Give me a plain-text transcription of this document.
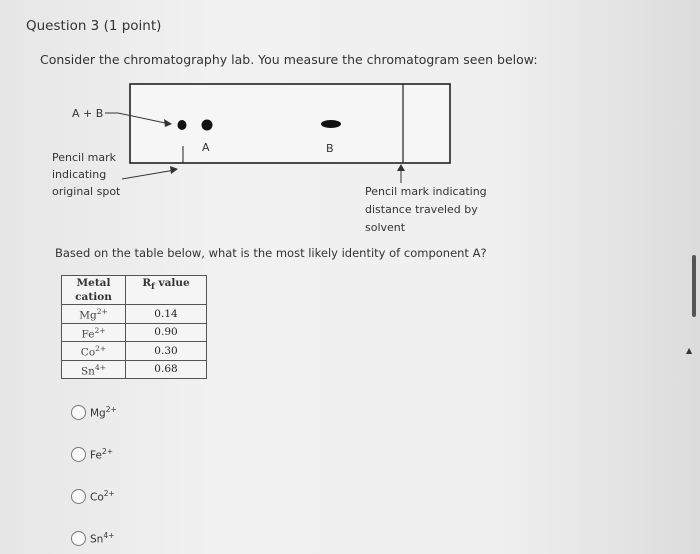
Question 3 (1 point)
Consider the chromatography lab. You measure the chromatogram seen below:
A + B
A	B
Pencil mark indicating original spot	Pencil mark indicating distance traveled by solvent
Based on the table below, what is the most likely identity of component A?
Metal
cation	$R_f$ value
$Mg^{2+}$	0.14
$Fe^{2+}$	0.90
$Co^{2+}$	0.30
$Sn^{4+}$	0.68
$Mg^{2+}$
$Fe^{2+}$
$Co^{2+}$
$Sn^{4+}$
▲
